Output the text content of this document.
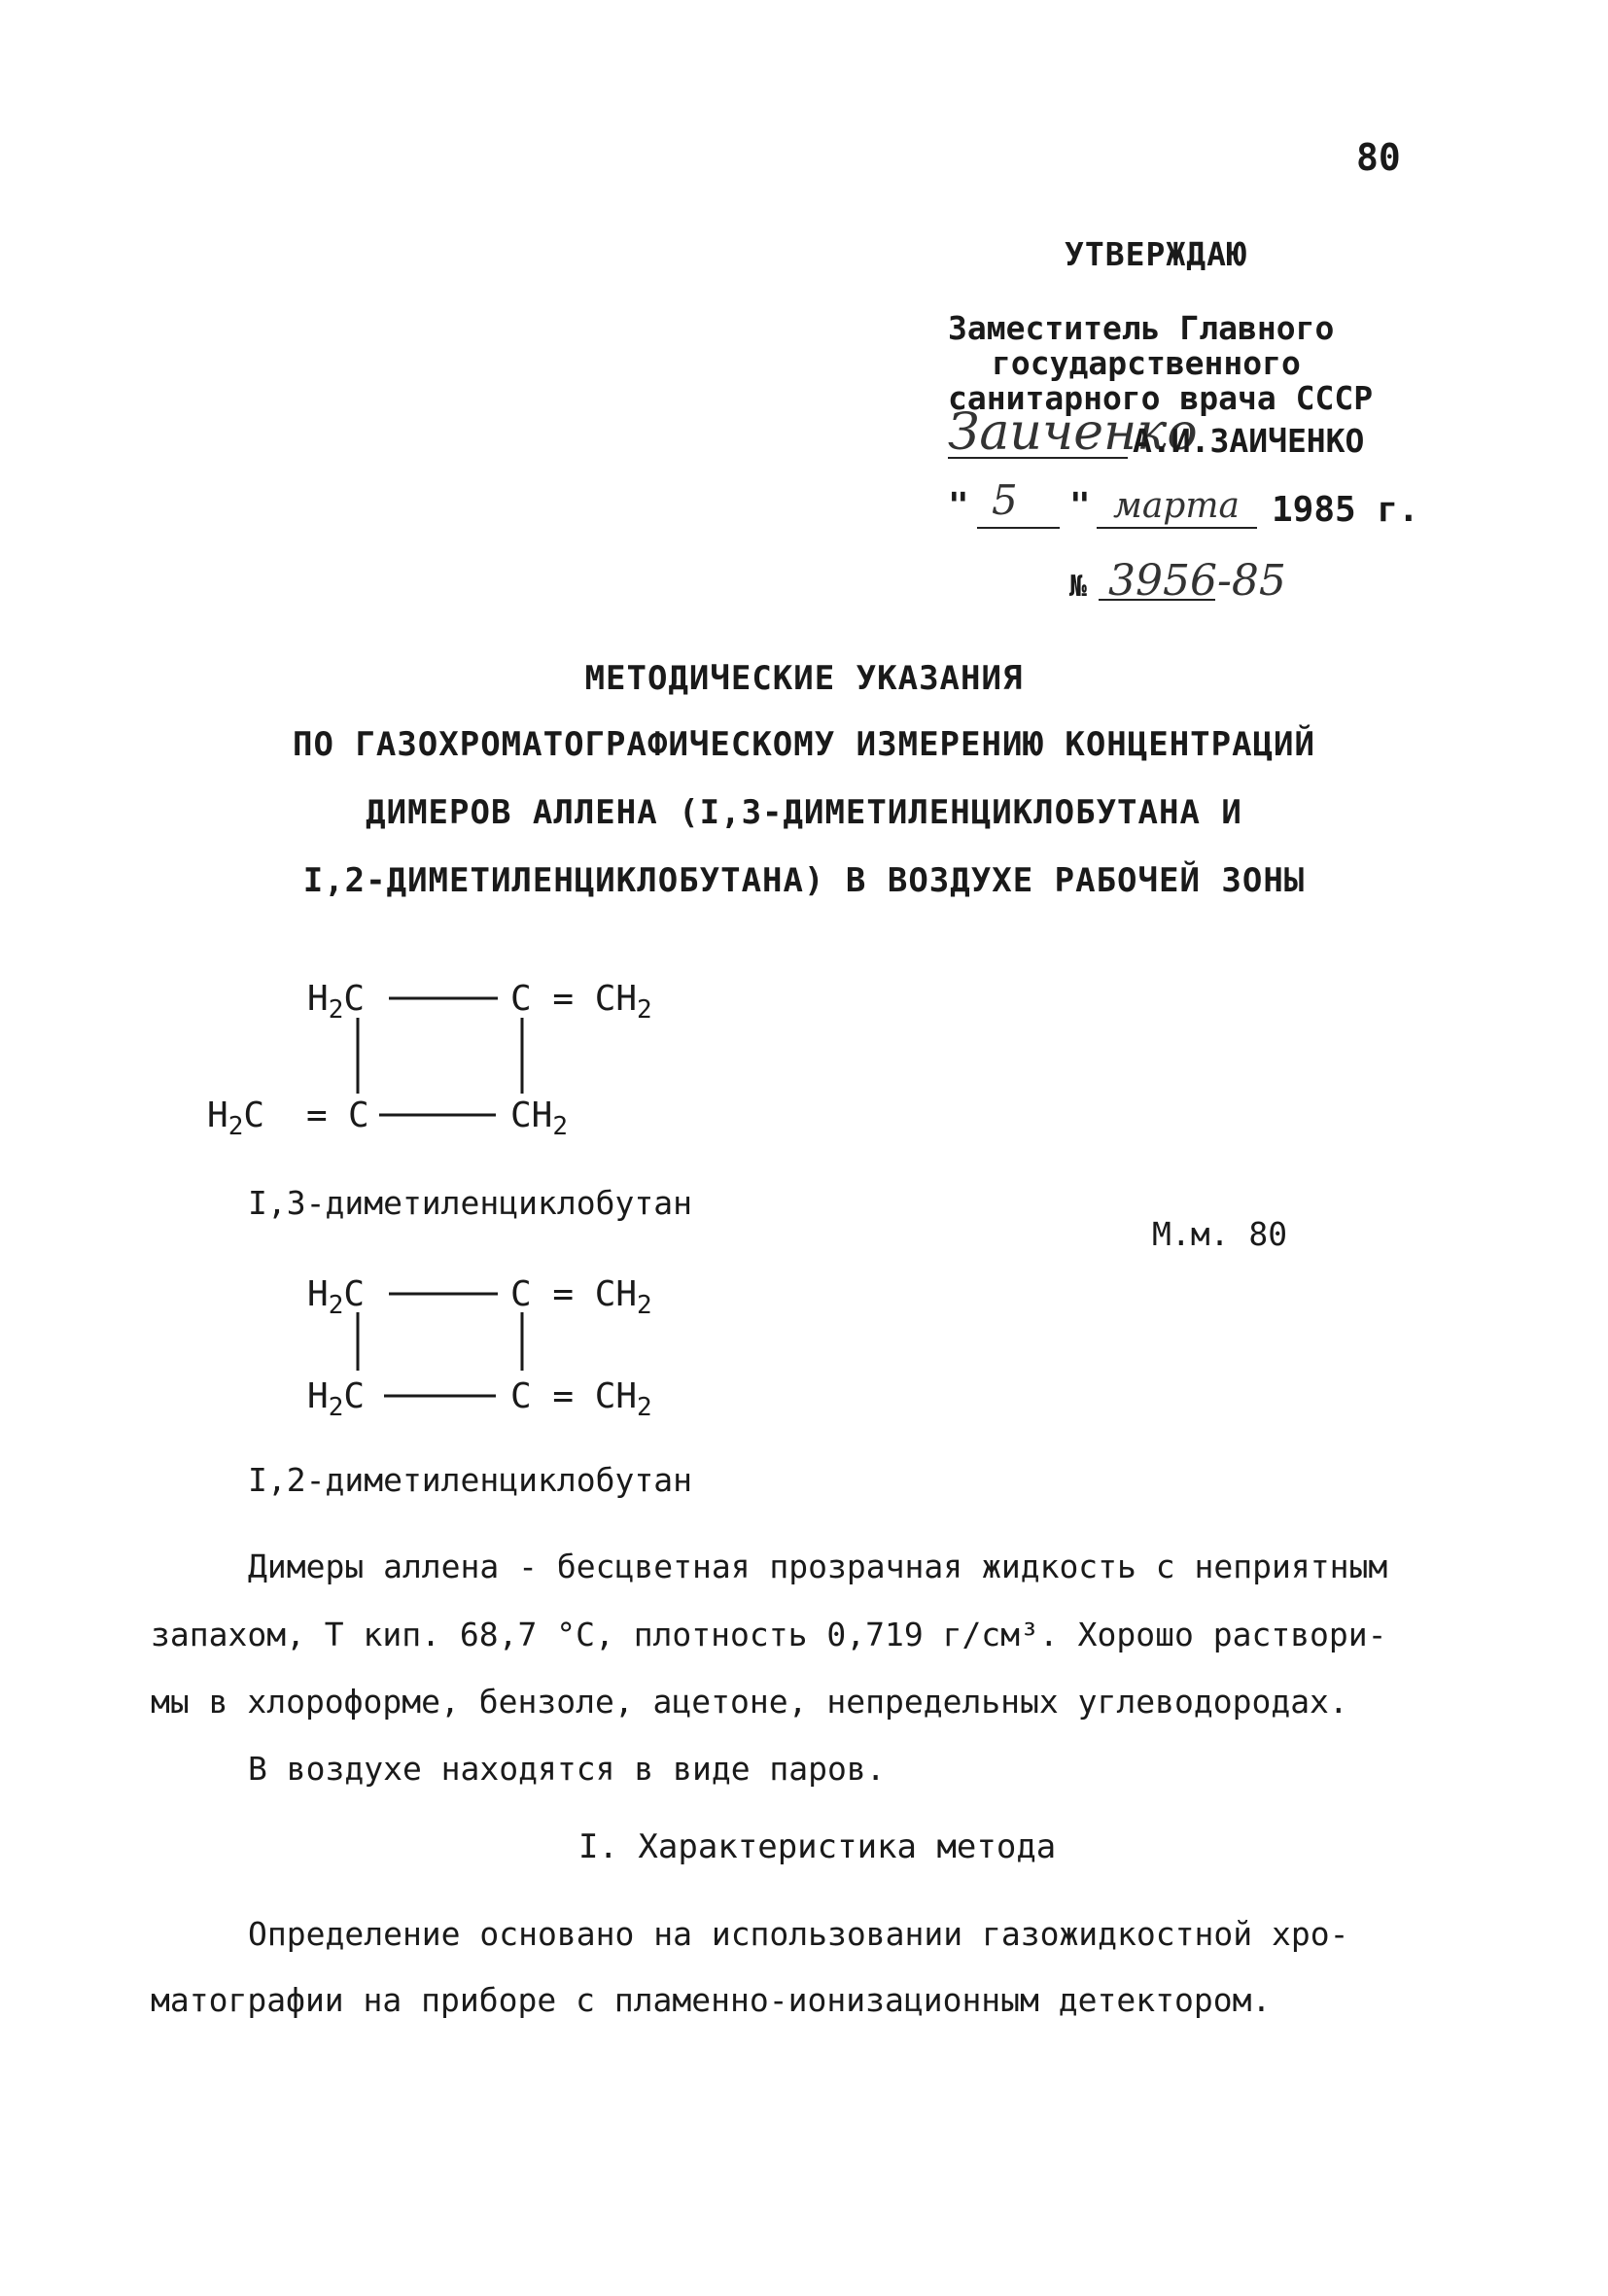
80
УТВЕРЖДАЮ
Заместитель Главного
государственного
санитарного врача СССР
Заиченко
А.И.ЗАИЧЕНКО
" 5 " марта 1985 г.
№ 3956-85
МЕТОДИЧЕСКИЕ УКАЗАНИЯ
ПО ГАЗОХРОМАТОГРАФИЧЕСКОМУ ИЗМЕРЕНИЮ КОНЦЕНТРАЦИЙ
ДИМЕРОВ АЛЛЕНА (I,3-ДИМЕТИЛЕНЦИКЛОБУТАНА И
I,2-ДИМЕТИЛЕНЦИКЛОБУТАНА) В ВОЗДУХЕ РАБОЧЕЙ ЗОНЫ
$H_2C$	$C = CH_2$
$H_2C = C$	$CH_2$
I,3-диметиленциклобутан
М.м. 80
$H_2C$	$C = CH_2$
$H_2C$	$C = CH_2$
I,2-диметиленциклобутан
Димеры аллена - бесцветная прозрачная жидкость с неприятным
запахом, Т кип. 68,7 °С, плотность 0,719 г/см³. Хорошо раствори-
мы в хлороформе, бензоле, ацетоне, непредельных углеводородах.
В воздухе находятся в виде паров.
I. Характеристика метода
Определение основано на использовании газожидкостной хро-
матографии на приборе с пламенно-ионизационным детектором.
